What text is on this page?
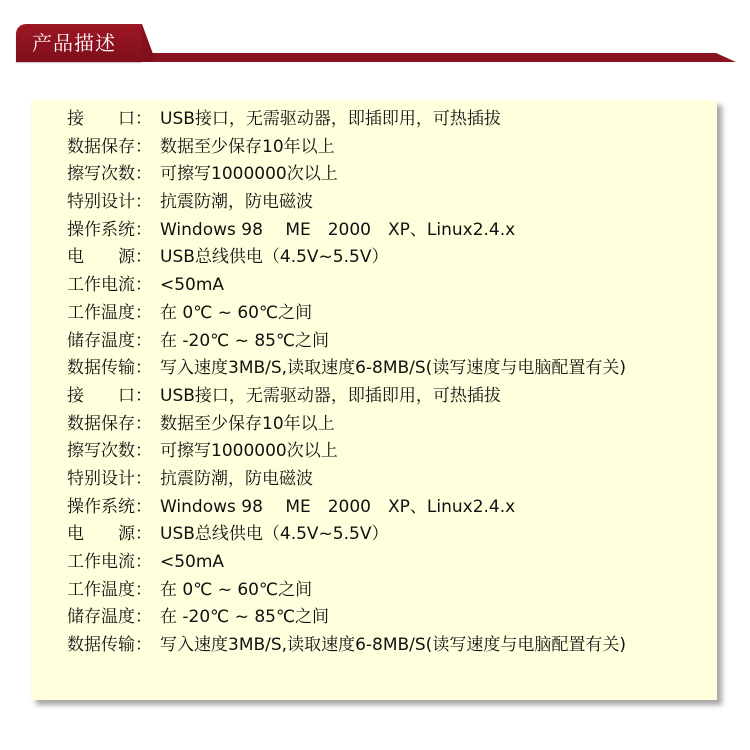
产品描述
接　　口： USB接口，无需驱动器，即插即用，可热插拔
数据保存： 数据至少保存10年以上
擦写次数： 可擦写1000000次以上
特别设计： 抗震防潮，防电磁波
操作系统： Windows 98　 ME　2000　XP、Linux2.4.x
电　　源： USB总线供电（4.5V~5.5V）
工作电流： <50mA
工作温度： 在 0℃ ~ 60℃之间
储存温度： 在 -20℃ ~ 85℃之间
数据传输： 写入速度3MB/S,读取速度6-8MB/S(读写速度与电脑配置有关)
接　　口： USB接口，无需驱动器，即插即用，可热插拔
数据保存： 数据至少保存10年以上
擦写次数： 可擦写1000000次以上
特别设计： 抗震防潮，防电磁波
操作系统： Windows 98　 ME　2000　XP、Linux2.4.x
电　　源： USB总线供电（4.5V~5.5V）
工作电流： <50mA
工作温度： 在 0℃ ~ 60℃之间
储存温度： 在 -20℃ ~ 85℃之间
数据传输： 写入速度3MB/S,读取速度6-8MB/S(读写速度与电脑配置有关)
